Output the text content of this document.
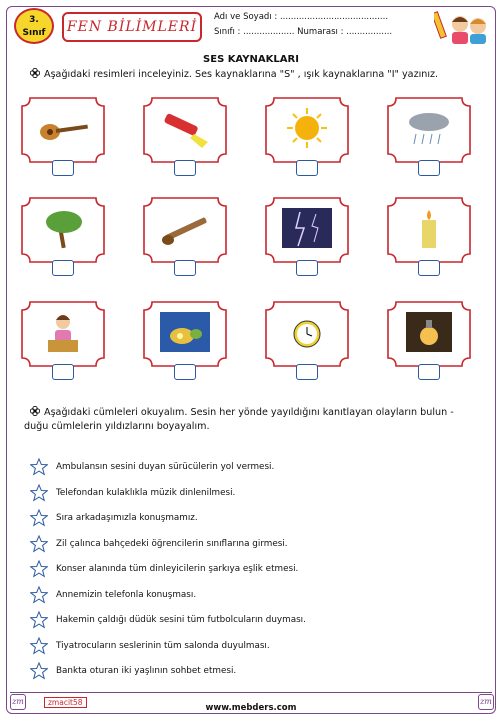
3.
Sınıf	FEN BİLİMLERİ
Adı ve Soyadı : ........................................
Sınıfı : ................... Numarası : .................
SES KAYNAKLARI
Aşağıdaki resimleri inceleyiniz. Ses kaynaklarına "S" , ışık kaynaklarına "I" yazınız.
Aşağıdaki cümleleri okuyalım. Sesin her yönde yayıldığını kanıtlayan olayların bulun -
duğu cümlelerin yıldızlarını boyayalım.
Ambulansın sesini duyan sürücülerin yol vermesi.
Telefondan kulaklıkla müzik dinlenilmesi.
Sıra arkadaşımızla konuşmamız.
Zil çalınca bahçedeki öğrencilerin sınıflarına girmesi.
Konser alanında tüm dinleyicilerin şarkıya eşlik etmesi.
Annemizin telefonla konuşması.
Hakemin çaldığı düdük sesini tüm futbolcuların duyması.
Tiyatrocuların seslerinin tüm salonda duyulması.
Bankta oturan iki yaşlının sohbet etmesi.
zm	zmacit58
www.mebders.com
zm
